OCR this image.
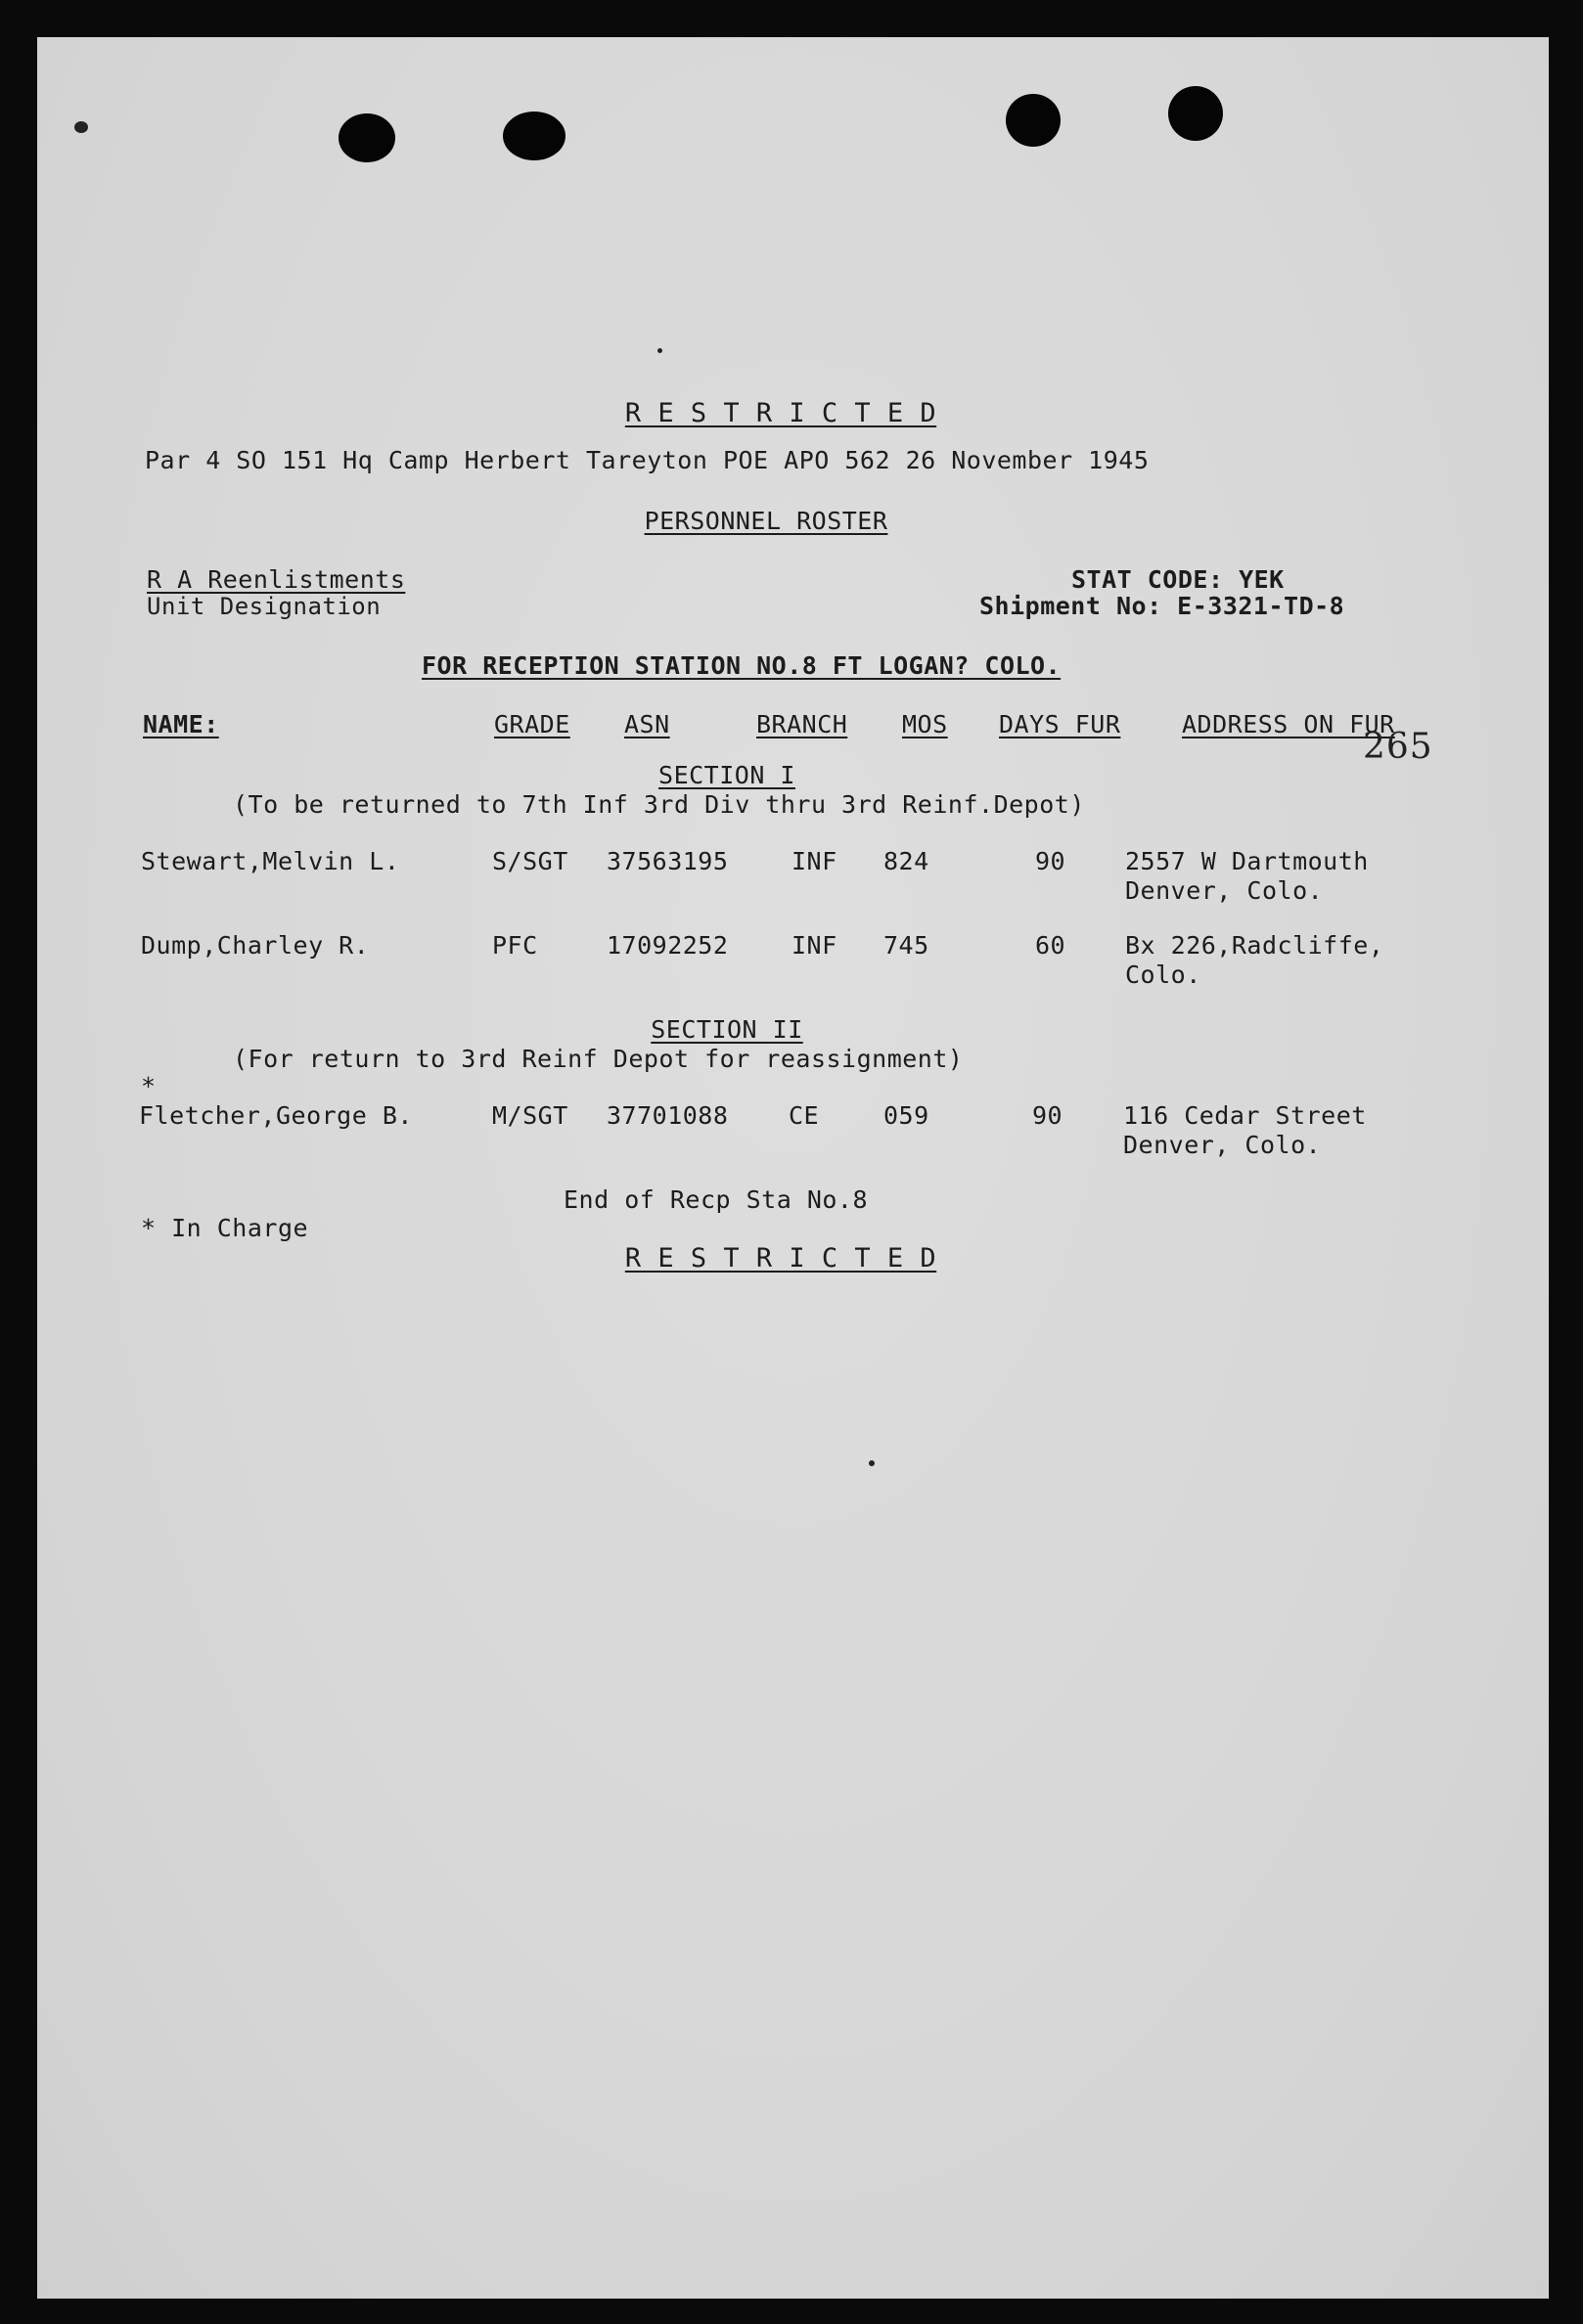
R E S T R I C T E D
Par 4 SO 151 Hq Camp Herbert Tareyton POE APO 562 26 November 1945
PERSONNEL ROSTER
R A Reenlistments
Unit Designation
STAT CODE: YEK
Shipment No: E-3321-TD-8
FOR RECEPTION STATION NO.8 FT LOGAN? COLO.
NAME:	GRADE ASN	BRANCH MOS DAYS FUR	ADDRESS ON FUR
265
SECTION I
(To be returned to 7th Inf 3rd Div thru 3rd Reinf.Depot)
Stewart,Melvin L.	S/SGT 37563195	INF 824	90 2557 W Dartmouth
Denver, Colo.
Dump,Charley R.	PFC	17092252	INF 745	60 Bx 226,Radcliffe,
Colo.
SECTION II
(For return to 3rd Reinf Depot for reassignment)
*
Fletcher,George B.	M/SGT 37701088 CE	059	90 116 Cedar Street
Denver, Colo.
End of Recp Sta No.8
* In Charge
R E S T R I C T E D
